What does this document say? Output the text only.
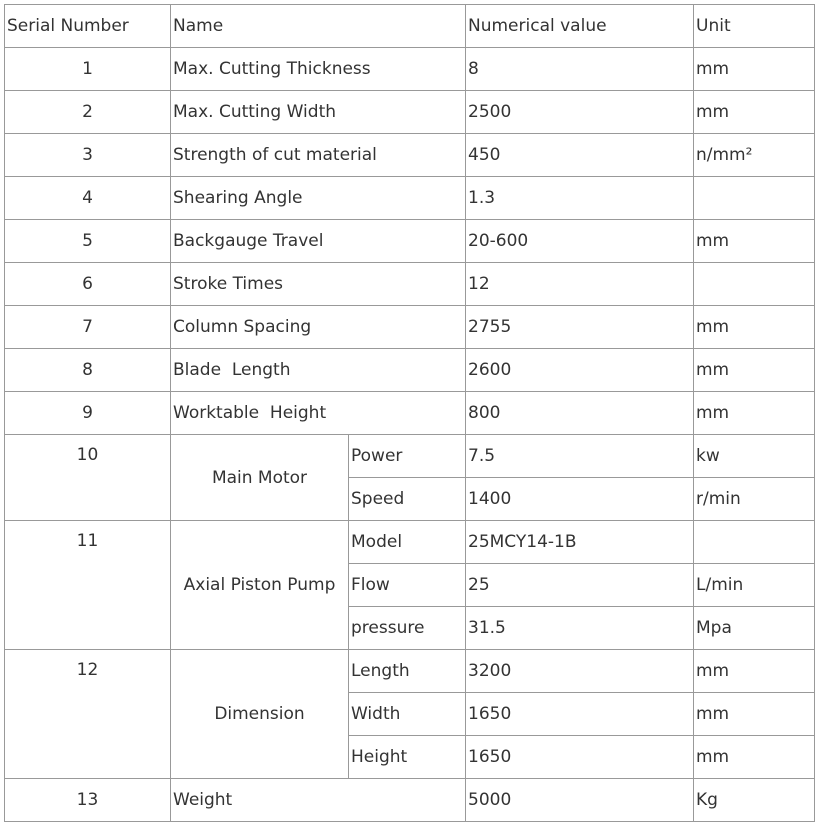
Serial Number	Name		Numerical value	Unit
1	Max. Cutting Thickness		8	mm
2	Max. Cutting Width		2500	mm
3	Strength of cut material		450	n/mm²
4	Shearing Angle		1.3	
5	Backgauge Travel		20-600	mm
6	Stroke Times		12	
7	Column Spacing		2755	mm
8	Blade  Length		2600	mm
9	Worktable  Height		800	mm
10	Main Motor	Power	7.5	kw
		Speed	1400	r/min
11	Axial Piston Pump	Model	25MCY14-1B	
		Flow	25	L/min
		pressure	31.5	Mpa
12	Dimension	Length	3200	mm
		Width	1650	mm
		Height	1650	mm
13	Weight		5000	Kg
